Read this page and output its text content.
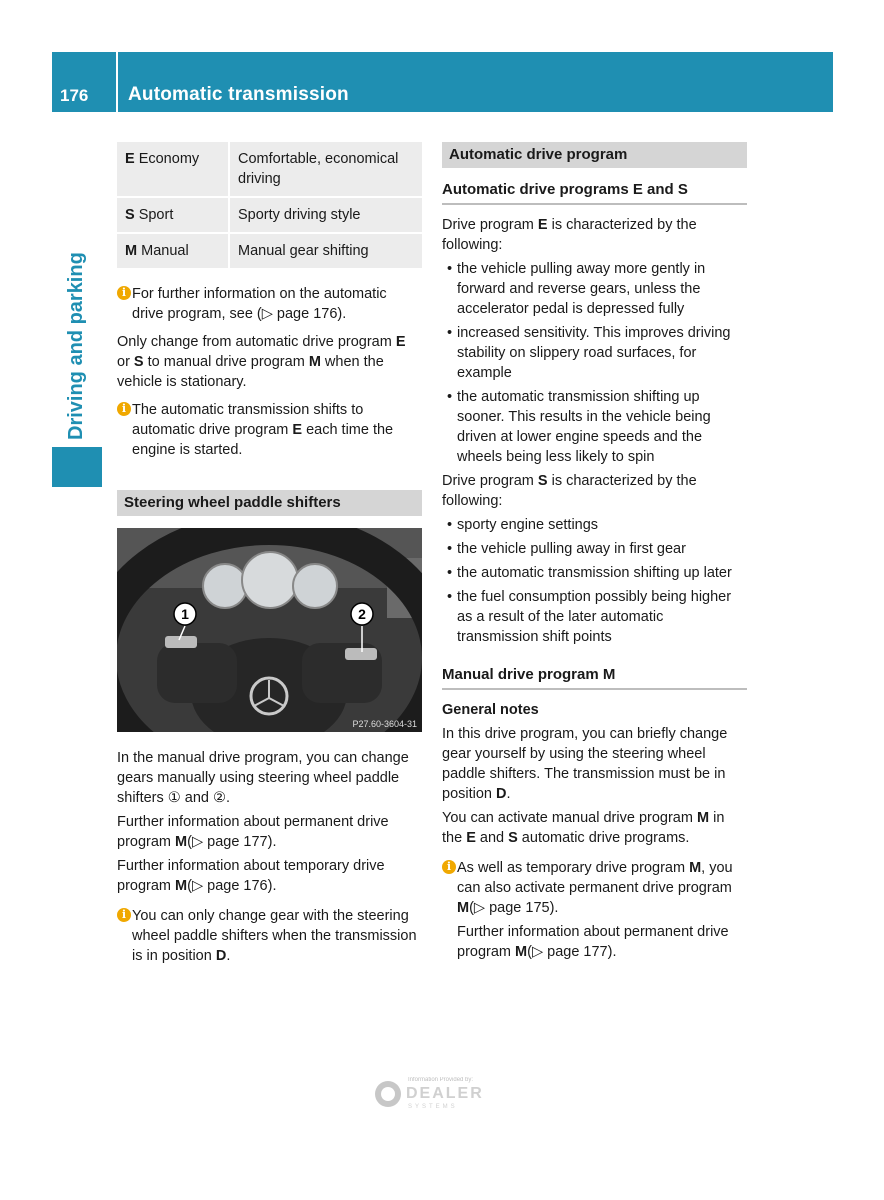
176 Automatic transmission
Driving and parking
E Economy	Comfortable, economical driving
S Sport	Sporty driving style
M Manual	Manual gear shifting
i For further information on the automatic drive program, see (▷ page 176).

Only change from automatic drive program E or S to manual drive program M when the vehicle is stationary.

i The automatic transmission shifts to automatic drive program E each time the engine is started.
Steering wheel paddle shifters
1	2
P27.60-3604-31

In the manual drive program, you can change gears manually using steering wheel paddle shifters ① and ②.

Further information about permanent drive program M(▷ page 177).

Further information about temporary drive program M(▷ page 176).

i You can only change gear with the steering wheel paddle shifters when the transmission is in position D.
Automatic drive program
Automatic drive programs E and S

Drive program E is characterized by the following:

• the vehicle pulling away more gently in forward and reverse gears, unless the accelerator pedal is depressed fully
• increased sensitivity. This improves driving stability on slippery road surfaces, for example
• the automatic transmission shifting up sooner. This results in the vehicle being driven at lower engine speeds and the wheels being less likely to spin

Drive program S is characterized by the following:

• sporty engine settings
• the vehicle pulling away in first gear
• the automatic transmission shifting up later
• the fuel consumption possibly being higher as a result of the later automatic transmission shift points
Manual drive program M
General notes

In this drive program, you can briefly change gear yourself by using the steering wheel paddle shifters. The transmission must be in position D.

You can activate manual drive program M in the E and S automatic drive programs.

i As well as temporary drive program M, you can also activate permanent drive program M(▷ page 175).

Further information about permanent drive program M(▷ page 177).

Information Provided by:
DEALER
SYSTEMS
